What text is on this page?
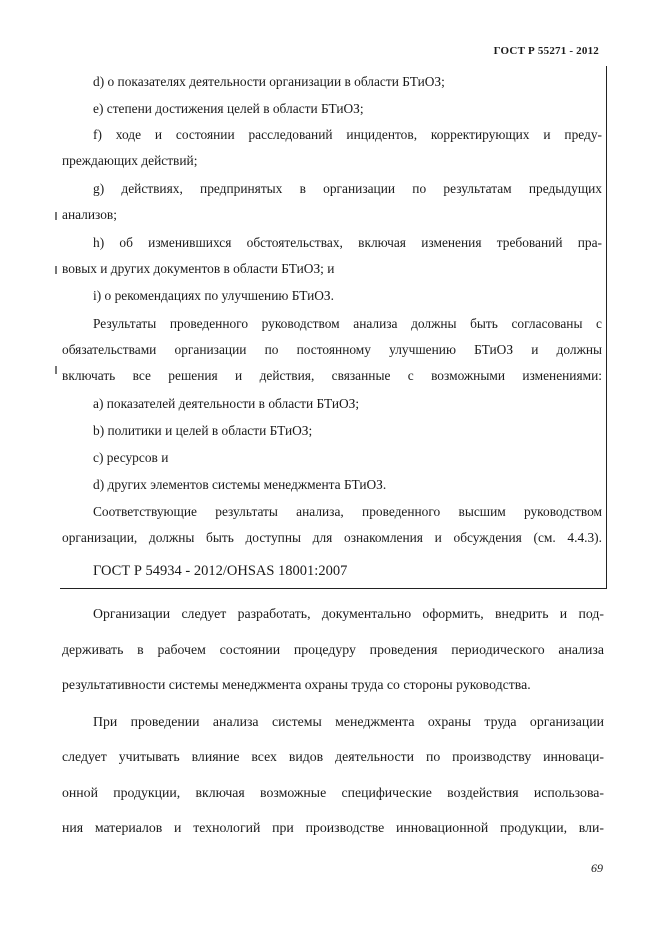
ГОСТ Р 55271 - 2012
d) о показателях деятельности организации в области БТиОЗ;
e) степени достижения целей в области БТиОЗ;
f) ходе и состоянии расследований инцидентов, корректирующих и преду-
преждающих действий;
g) действиях, предпринятых в организации по результатам предыдущих
анализов;
h) об изменившихся обстоятельствах, включая изменения требований пра-
вовых и других документов в области БТиОЗ; и
i) о рекомендациях по улучшению БТиОЗ.
Результаты проведенного руководством анализа должны быть согласованы с
обязательствами организации по постоянному улучшению БТиОЗ и должны
включать все решения и действия, связанные с возможными изменениями:
a) показателей деятельности в области БТиОЗ;
b) политики и целей в области БТиОЗ;
c) ресурсов и
d) других элементов системы менеджмента БТиОЗ.
Соответствующие результаты анализа, проведенного высшим руководством
организации, должны быть доступны для ознакомления и обсуждения (см. 4.4.3).
ГОСТ Р 54934 - 2012/OHSAS 18001:2007
Организации следует разработать, документально оформить, внедрить и под-
держивать в рабочем состоянии процедуру проведения периодического анализа
результативности системы менеджмента охраны труда со стороны руководства.
При проведении анализа системы менеджмента охраны труда организации
следует учитывать влияние всех видов деятельности по производству инноваци-
онной продукции, включая возможные специфические воздействия использова-
ния материалов и технологий при производстве инновационной продукции, вли-
69
